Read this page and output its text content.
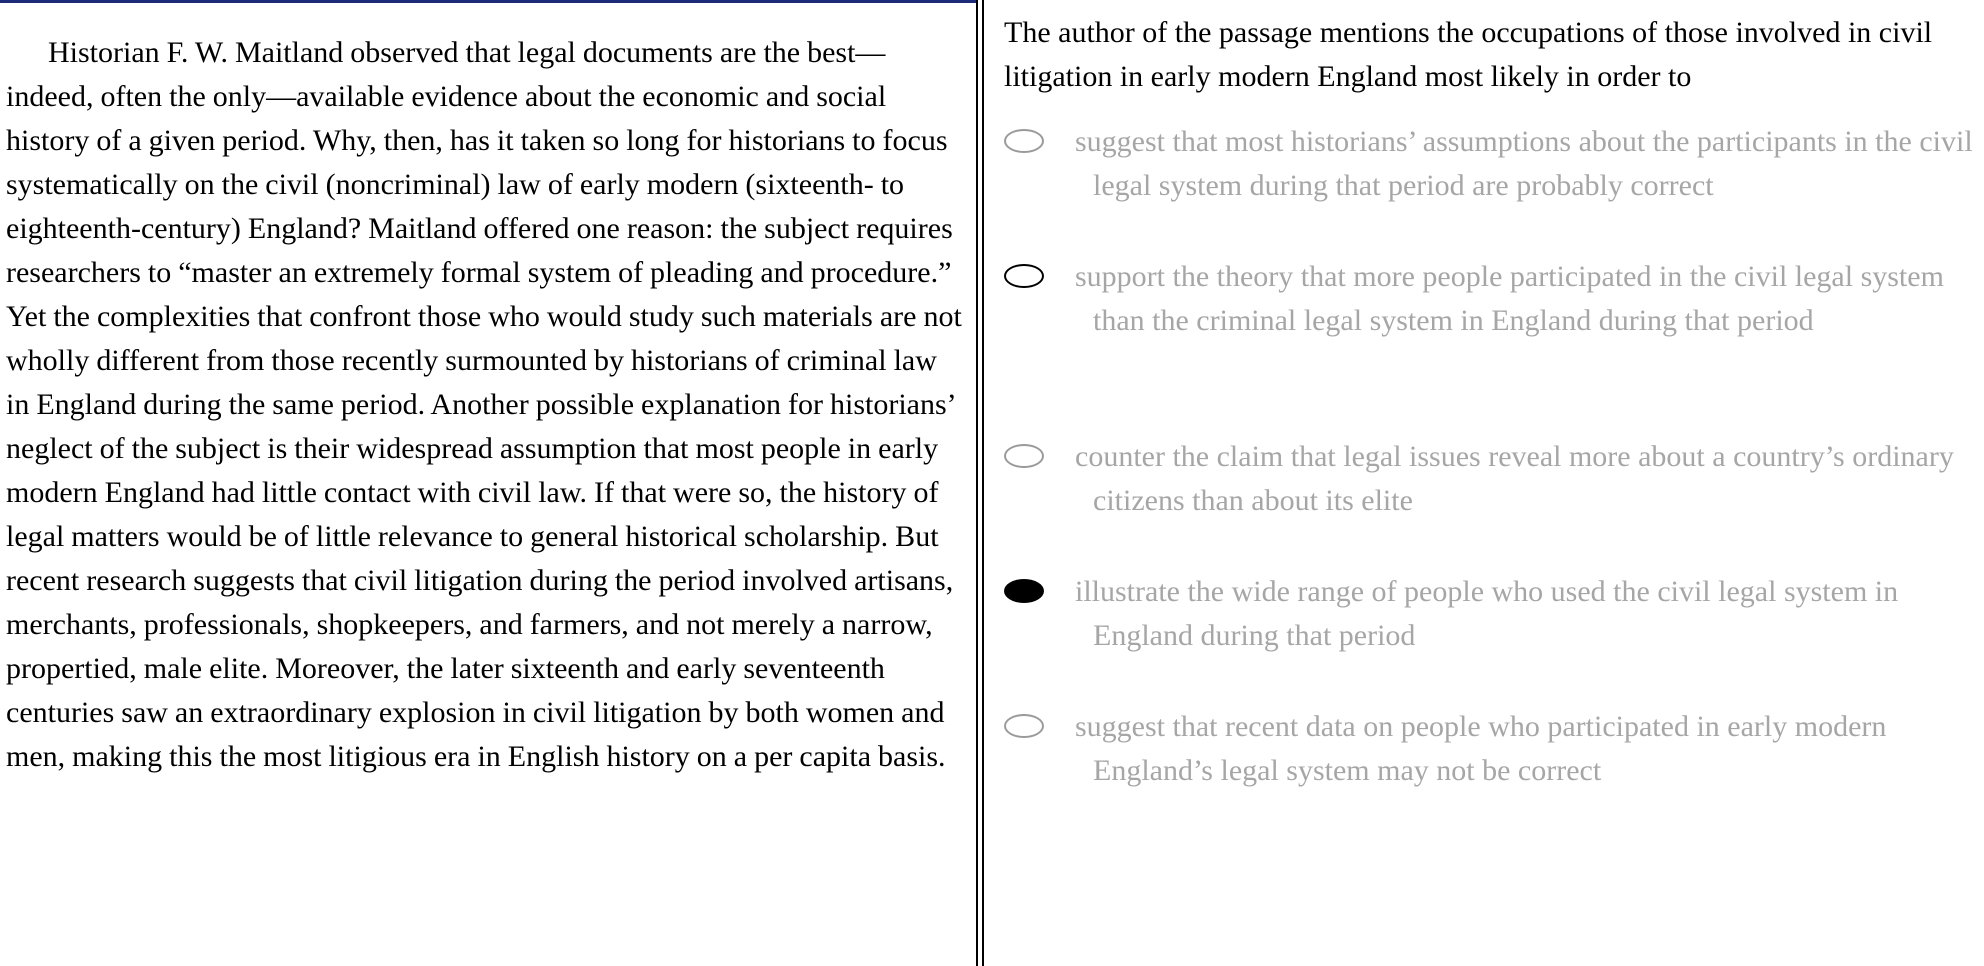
Historian F. W. Maitland observed that legal documents are the best—indeed, often the only—available evidence about the economic and social history of a given period. Why, then, has it taken so long for historians to focus systematically on the civil (noncriminal) law of early modern (sixteenth- to eighteenth-century) England? Maitland offered one reason: the subject requires researchers to “master an extremely formal system of pleading and procedure.” Yet the complexities that confront those who would study such materials are not wholly different from those recently surmounted by historians of criminal law in England during the same period. Another possible explanation for historians’ neglect of the subject is their widespread assumption that most people in early modern England had little contact with civil law. If that were so, the history of legal matters would be of little relevance to general historical scholarship. But recent research suggests that civil litigation during the period involved artisans, merchants, professionals, shopkeepers, and farmers, and not merely a narrow, propertied, male elite. Moreover, the later sixteenth and early seventeenth centuries saw an extraordinary explosion in civil litigation by both women and men, making this the most litigious era in English history on a per capita basis.

The author of the passage mentions the occupations of those involved in civil litigation in early modern England most likely in order to

suggest that most historians’ assumptions about the participants in the civil legal system during that period are probably correct
support the theory that more people participated in the civil legal system than the criminal legal system in England during that period
counter the claim that legal issues reveal more about a country’s ordinary citizens than about its elite
illustrate the wide range of people who used the civil legal system in England during that period
suggest that recent data on people who participated in early modern England’s legal system may not be correct
